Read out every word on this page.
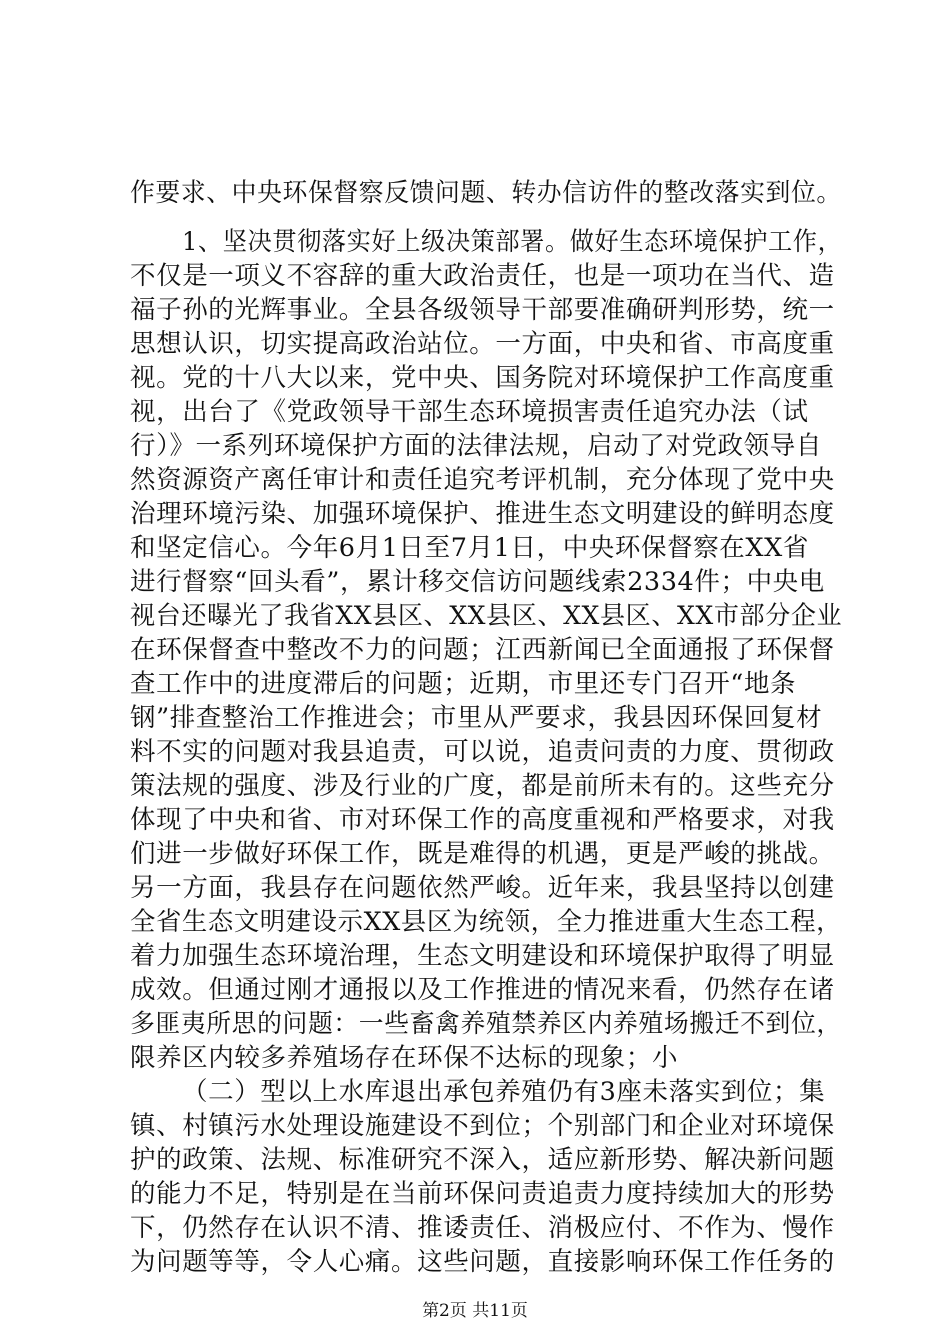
作要求、中央环保督察反馈问题、转办信访件的整改落实到位。
1、坚决贯彻落实好上级决策部署。做好生态环境保护工作，
不仅是一项义不容辞的重大政治责任，也是一项功在当代、造
福子孙的光辉事业。全县各级领导干部要准确研判形势，统一
思想认识，切实提高政治站位。一方面，中央和省、市高度重
视。党的十八大以来，党中央、国务院对环境保护工作高度重
视，出台了《党政领导干部生态环境损害责任追究办法（试
行）》一系列环境保护方面的法律法规，启动了对党政领导自
然资源资产离任审计和责任追究考评机制，充分体现了党中央
治理环境污染、加强环境保护、推进生态文明建设的鲜明态度
和坚定信心。今年6月1日至7月1日，中央环保督察在XX省
进行督察“回头看”，累计移交信访问题线索2334件；中央电
视台还曝光了我省XX县区、XX县区、XX县区、XX市部分企业
在环保督查中整改不力的问题；江西新闻已全面通报了环保督
查工作中的进度滞后的问题；近期，市里还专门召开“地条
钢”排查整治工作推进会；市里从严要求，我县因环保回复材
料不实的问题对我县追责，可以说，追责问责的力度、贯彻政
策法规的强度、涉及行业的广度，都是前所未有的。这些充分
体现了中央和省、市对环保工作的高度重视和严格要求，对我
们进一步做好环保工作，既是难得的机遇，更是严峻的挑战。
另一方面，我县存在问题依然严峻。近年来，我县坚持以创建
全省生态文明建设示XX县区为统领，全力推进重大生态工程，
着力加强生态环境治理，生态文明建设和环境保护取得了明显
成效。但通过刚才通报以及工作推进的情况来看，仍然存在诸
多匪夷所思的问题：一些畜禽养殖禁养区内养殖场搬迁不到位，
限养区内较多养殖场存在环保不达标的现象；小
（二）型以上水库退出承包养殖仍有3座未落实到位；集
镇、村镇污水处理设施建设不到位；个别部门和企业对环境保
护的政策、法规、标准研究不深入，适应新形势、解决新问题
的能力不足，特别是在当前环保问责追责力度持续加大的形势
下，仍然存在认识不清、推诿责任、消极应付、不作为、慢作
为问题等等，令人心痛。这些问题，直接影响环保工作任务的
第2页 共11页
